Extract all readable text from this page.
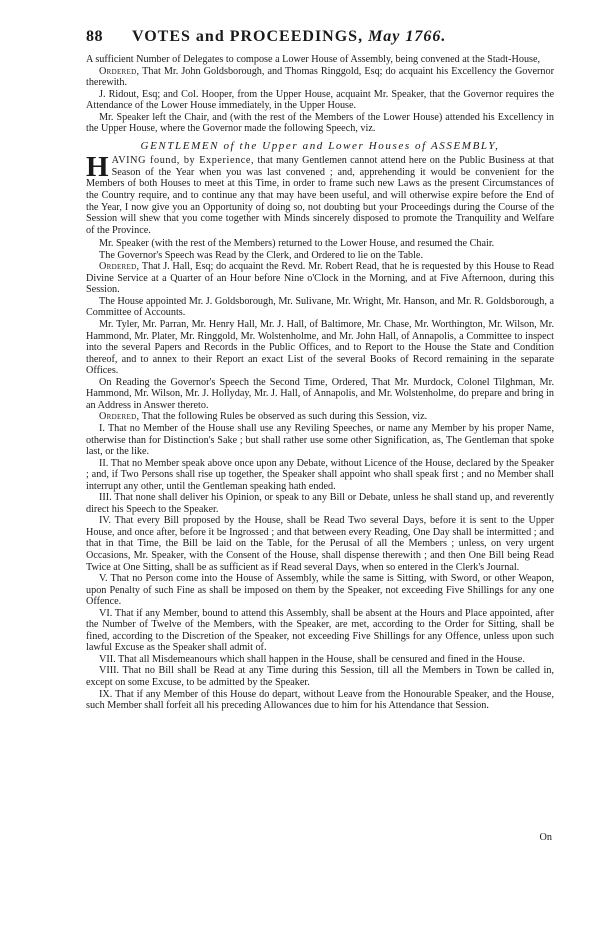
88 VOTES and PROCEEDINGS, May 1766.

A sufficient Number of Delegates to compose a Lower House of Assembly, being convened at the Stadt-House,

Ordered, That Mr. John Goldsborough, and Thomas Ringgold, Esq; do acquaint his Excellency the Governor therewith.

J. Ridout, Esq; and Col. Hooper, from the Upper House, acquaint Mr. Speaker, that the Governor requires the Attendance of the Lower House immediately, in the Upper House.

Mr. Speaker left the Chair, and (with the rest of the Members of the Lower House) attended his Excellency in the Upper House, where the Governor made the following Speech, viz.

GENTLEMEN of the Upper and Lower Houses of ASSEMBLY,

HAVING found, by Experience, that many Gentlemen cannot attend here on the Public Business at that Season of the Year when you was last convened ; and, apprehending it would be convenient for the Members of both Houses to meet at this Time, in order to frame such new Laws as the present Circumstances of the Country require, and to continue any that may have been useful, and will otherwise expire before the End of the Year, I now give you an Opportunity of doing so, not doubting but your Proceedings during the Course of the Session will shew that you come together with Minds sincerely disposed to promote the Tranquility and Welfare of the Province.

Mr. Speaker (with the rest of the Members) returned to the Lower House, and resumed the Chair.

The Governor's Speech was Read by the Clerk, and Ordered to lie on the Table.

Ordered, That J. Hall, Esq; do acquaint the Revd. Mr. Robert Read, that he is requested by this House to Read Divine Service at a Quarter of an Hour before Nine o'Clock in the Morning, and at Five Afternoon, during this Session.

The House appointed Mr. J. Goldsborough, Mr. Sulivane, Mr. Wright, Mr. Hanson, and Mr. R. Goldsborough, a Committee of Accounts.

Mr. Tyler, Mr. Parran, Mr. Henry Hall, Mr. J. Hall, of Baltimore, Mr. Chase, Mr. Worthington, Mr. Wilson, Mr. Hammond, Mr. Plater, Mr. Ringgold, Mr. Wolstenholme, and Mr. John Hall, of Annapolis, a Committee to inspect into the several Papers and Records in the Public Offices, and to Report to the House the State and Condition thereof, and to annex to their Report an exact List of the several Books of Record remaining in the separate Offices.

On Reading the Governor's Speech the Second Time, Ordered, That Mr. Murdock, Colonel Tilghman, Mr. Hammond, Mr. Wilson, Mr. J. Hollyday, Mr. J. Hall, of Annapolis, and Mr. Wolstenholme, do prepare and bring in an Address in Answer thereto.

Ordered, That the following Rules be observed as such during this Session, viz.

I. That no Member of the House shall use any Reviling Speeches, or name any Member by his proper Name, otherwise than for Distinction's Sake ; but shall rather use some other Signification, as, The Gentleman that spoke last, or the like.

II. That no Member speak above once upon any Debate, without Licence of the House, declared by the Speaker ; and, if Two Persons shall rise up together, the Speaker shall appoint who shall speak first ; and no Member shall interrupt any other, until the Gentleman speaking hath ended.

III. That none shall deliver his Opinion, or speak to any Bill or Debate, unless he shall stand up, and reverently direct his Speech to the Speaker.

IV. That every Bill proposed by the House, shall be Read Two several Days, before it is sent to the Upper House, and once after, before it be Ingrossed ; and that between every Reading, One Day shall be intermitted ; and that in that Time, the Bill be laid on the Table, for the Perusal of all the Members ; unless, on very urgent Occasions, Mr. Speaker, with the Consent of the House, shall dispense therewith ; and then One Bill being Read Twice at One Sitting, shall be as sufficient as if Read several Days, when so entered in the Clerk's Journal.

V. That no Person come into the House of Assembly, while the same is Sitting, with Sword, or other Weapon, upon Penalty of such Fine as shall be imposed on them by the Speaker, not exceeding Five Shillings for any one Offence.

VI. That if any Member, bound to attend this Assembly, shall be absent at the Hours and Place appointed, after the Number of Twelve of the Members, with the Speaker, are met, according to the Order for Sitting, shall be fined, according to the Discretion of the Speaker, not exceeding Five Shillings for any Offence, unless upon such lawful Excuse as the Speaker shall admit of.

VII. That all Misdemeanours which shall happen in the House, shall be censured and fined in the House.

VIII. That no Bill shall be Read at any Time during this Session, till all the Members in Town be called in, except on some Excuse, to be admitted by the Speaker.

IX. That if any Member of this House do depart, without Leave from the Honourable Speaker, and the House, such Member shall forfeit all his preceding Allowances due to him for his Attendance that Session.

On
